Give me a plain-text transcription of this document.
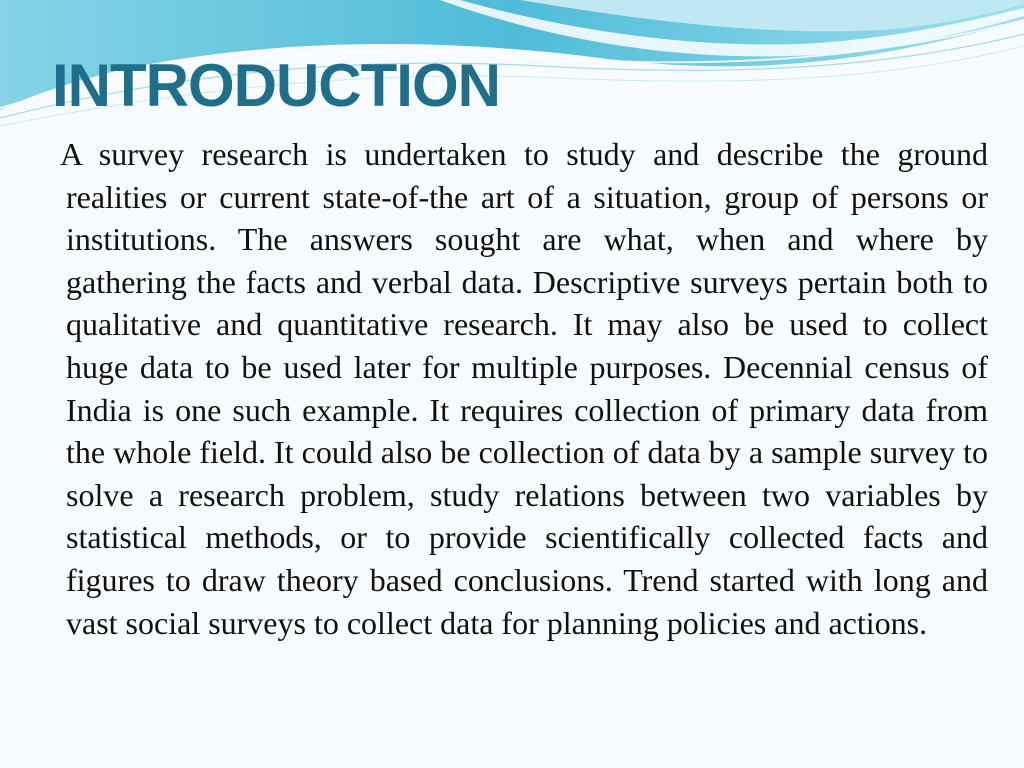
INTRODUCTION

A survey research is undertaken to study and describe the ground realities or current state-of-the art of a situation, group of persons or institutions. The answers sought are what, when and where by gathering the facts and verbal data. Descriptive surveys pertain both to qualitative and quantitative research. It may also be used to collect huge data to be used later for multiple purposes. Decennial census of India is one such example. It requires collection of primary data from the whole field. It could also be collection of data by a sample survey to solve a research problem, study relations between two variables by statistical methods, or to provide scientifically collected facts and figures to draw theory based conclusions. Trend started with long and vast social surveys to collect data for planning policies and actions.
